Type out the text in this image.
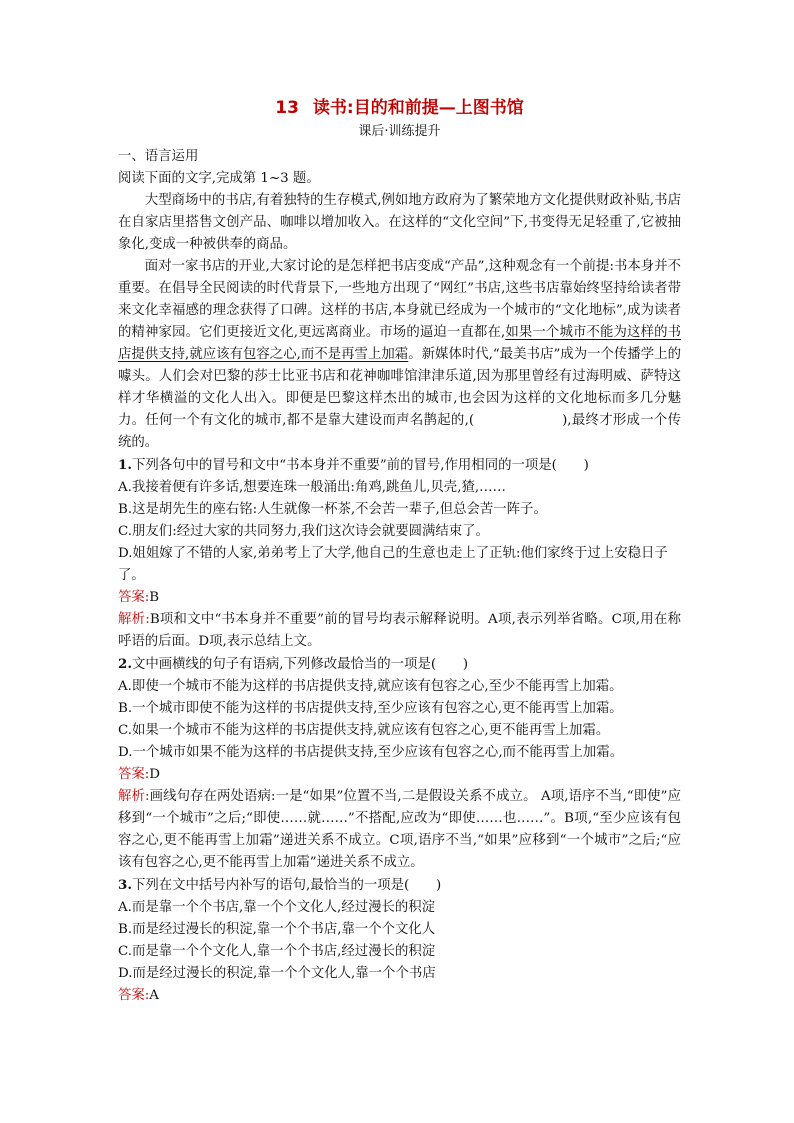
13 读书:目的和前提—上图书馆
课后·训练提升

一、语言运用

阅读下面的文字,完成第 1~3 题。

大型商场中的书店,有着独特的生存模式,例如地方政府为了繁荣地方文化提供财政补贴,书店在自家店里搭售文创产品、咖啡以增加收入。在这样的“文化空间”下,书变得无足轻重了,它被抽象化,变成一种被供奉的商品。

面对一家书店的开业,大家讨论的是怎样把书店变成“产品”,这种观念有一个前提:书本身并不重要。在倡导全民阅读的时代背景下,一些地方出现了“网红”书店,这些书店靠始终坚持给读者带来文化幸福感的理念获得了口碑。这样的书店,本身就已经成为一个城市的“文化地标”,成为读者的精神家园。它们更接近文化,更远离商业。市场的逼迫一直都在,如果一个城市不能为这样的书店提供支持,就应该有包容之心,而不是再雪上加霜。新媒体时代,“最美书店”成为一个传播学上的噱头。人们会对巴黎的莎士比亚书店和花神咖啡馆津津乐道,因为那里曾经有过海明威、萨特这样才华横溢的文化人出入。即便是巴黎这样杰出的城市,也会因为这样的文化地标而多几分魅力。任何一个有文化的城市,都不是靠大建设而声名鹊起的,(	),最终才形成一个传统的。

1.下列各句中的冒号和文中“书本身并不重要”前的冒号,作用相同的一项是(　　)

A.我接着便有许多话,想要连珠一般涌出:角鸡,跳鱼儿,贝壳,猹,……

B.这是胡先生的座右铭:人生就像一杯茶,不会苦一辈子,但总会苦一阵子。

C.朋友们:经过大家的共同努力,我们这次诗会就要圆满结束了。

D.姐姐嫁了不错的人家,弟弟考上了大学,他自己的生意也走上了正轨:他们家终于过上安稳日子了。

答案:B

解析:B项和文中“书本身并不重要”前的冒号均表示解释说明。A项,表示列举省略。C项,用在称呼语的后面。D项,表示总结上文。

2.文中画横线的句子有语病,下列修改最恰当的一项是(　　)

A.即使一个城市不能为这样的书店提供支持,就应该有包容之心,至少不能再雪上加霜。

B.一个城市即使不能为这样的书店提供支持,至少应该有包容之心,更不能再雪上加霜。

C.如果一个城市不能为这样的书店提供支持,就应该有包容之心,更不能再雪上加霜。

D.一个城市如果不能为这样的书店提供支持,至少应该有包容之心,而不能再雪上加霜。

答案:D

解析:画线句存在两处语病:一是“如果”位置不当,二是假设关系不成立。 A项,语序不当,“即使”应移到“一个城市”之后;“即使……就……”不搭配,应改为“即使……也……”。B项,“至少应该有包容之心,更不能再雪上加霜”递进关系不成立。C项,语序不当,“如果”应移到“一个城市”之后;“应该有包容之心,更不能再雪上加霜”递进关系不成立。

3.下列在文中括号内补写的语句,最恰当的一项是(　　)

A.而是靠一个个书店,靠一个个文化人,经过漫长的积淀

B.而是经过漫长的积淀,靠一个个书店,靠一个个文化人

C.而是靠一个个文化人,靠一个个书店,经过漫长的积淀

D.而是经过漫长的积淀,靠一个个文化人,靠一个个书店

答案:A
